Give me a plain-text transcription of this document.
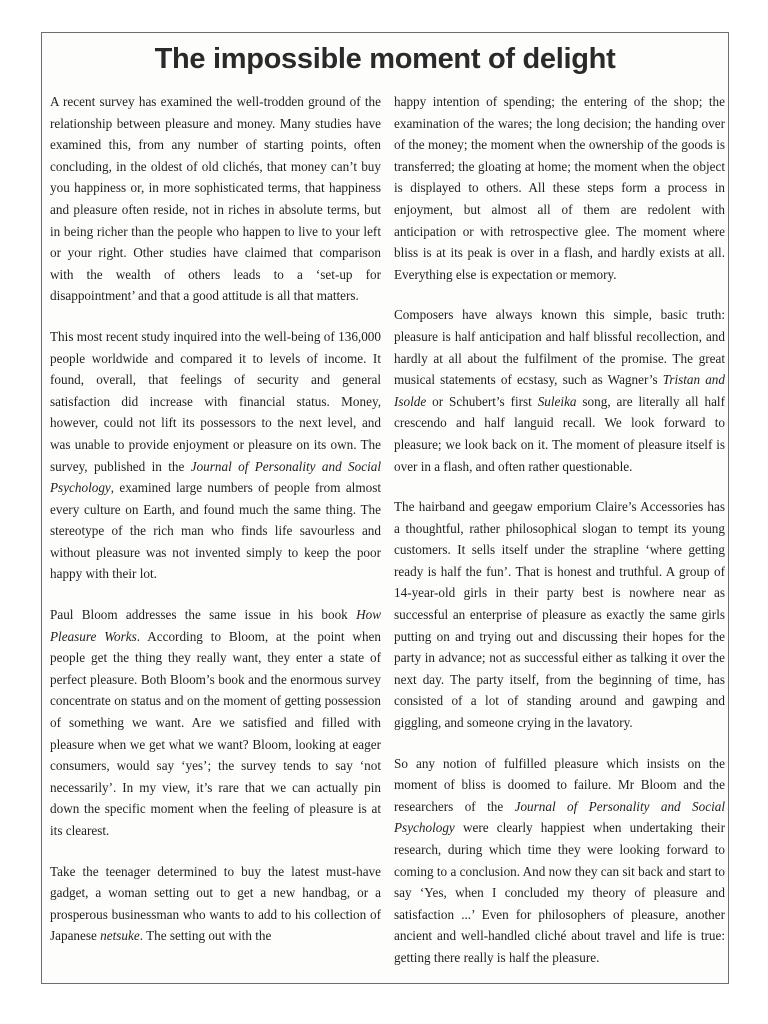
The impossible moment of delight

A recent survey has examined the well-trodden ground of the relationship between pleasure and money. Many studies have examined this, from any number of starting points, often concluding, in the oldest of old clichés, that money can’t buy you happiness or, in more sophisticated terms, that happiness and pleasure often reside, not in riches in absolute terms, but in being richer than the people who happen to live to your left or your right. Other studies have claimed that comparison with the wealth of others leads to a ‘set-up for disappointment’ and that a good attitude is all that matters.

This most recent study inquired into the well-being of 136,000 people worldwide and compared it to levels of income. It found, overall, that feelings of security and general satisfaction did increase with financial status. Money, however, could not lift its possessors to the next level, and was unable to provide enjoyment or pleasure on its own. The survey, published in the Journal of Personality and Social Psychology, examined large numbers of people from almost every culture on Earth, and found much the same thing. The stereotype of the rich man who finds life savourless and without pleasure was not invented simply to keep the poor happy with their lot.

Paul Bloom addresses the same issue in his book How Pleasure Works. According to Bloom, at the point when people get the thing they really want, they enter a state of perfect pleasure. Both Bloom’s book and the enormous survey concentrate on status and on the moment of getting possession of something we want. Are we satisfied and filled with pleasure when we get what we want? Bloom, looking at eager consumers, would say ‘yes’; the survey tends to say ‘not necessarily’. In my view, it’s rare that we can actually pin down the specific moment when the feeling of pleasure is at its clearest.

Take the teenager determined to buy the latest must-have gadget, a woman setting out to get a new handbag, or a prosperous businessman who wants to add to his collection of Japanese netsuke. The setting out with the

happy intention of spending; the entering of the shop; the examination of the wares; the long decision; the handing over of the money; the moment when the ownership of the goods is transferred; the gloating at home; the moment when the object is displayed to others. All these steps form a process in enjoyment, but almost all of them are redolent with anticipation or with retrospective glee. The moment where bliss is at its peak is over in a flash, and hardly exists at all. Everything else is expectation or memory.

Composers have always known this simple, basic truth: pleasure is half anticipation and half blissful recollection, and hardly at all about the fulfilment of the promise. The great musical statements of ecstasy, such as Wagner’s Tristan and Isolde or Schubert’s first Suleika song, are literally all half crescendo and half languid recall. We look forward to pleasure; we look back on it. The moment of pleasure itself is over in a flash, and often rather questionable.

The hairband and geegaw emporium Claire’s Accessories has a thoughtful, rather philosophical slogan to tempt its young customers. It sells itself under the strapline ‘where getting ready is half the fun’. That is honest and truthful. A group of 14-year-old girls in their party best is nowhere near as successful an enterprise of pleasure as exactly the same girls putting on and trying out and discussing their hopes for the party in advance; not as successful either as talking it over the next day. The party itself, from the beginning of time, has consisted of a lot of standing around and gawping and giggling, and someone crying in the lavatory.

So any notion of fulfilled pleasure which insists on the moment of bliss is doomed to failure. Mr Bloom and the researchers of the Journal of Personality and Social Psychology were clearly happiest when undertaking their research, during which time they were looking forward to coming to a conclusion. And now they can sit back and start to say ‘Yes, when I concluded my theory of pleasure and satisfaction ...’ Even for philosophers of pleasure, another ancient and well-handled cliché about travel and life is true: getting there really is half the pleasure.
